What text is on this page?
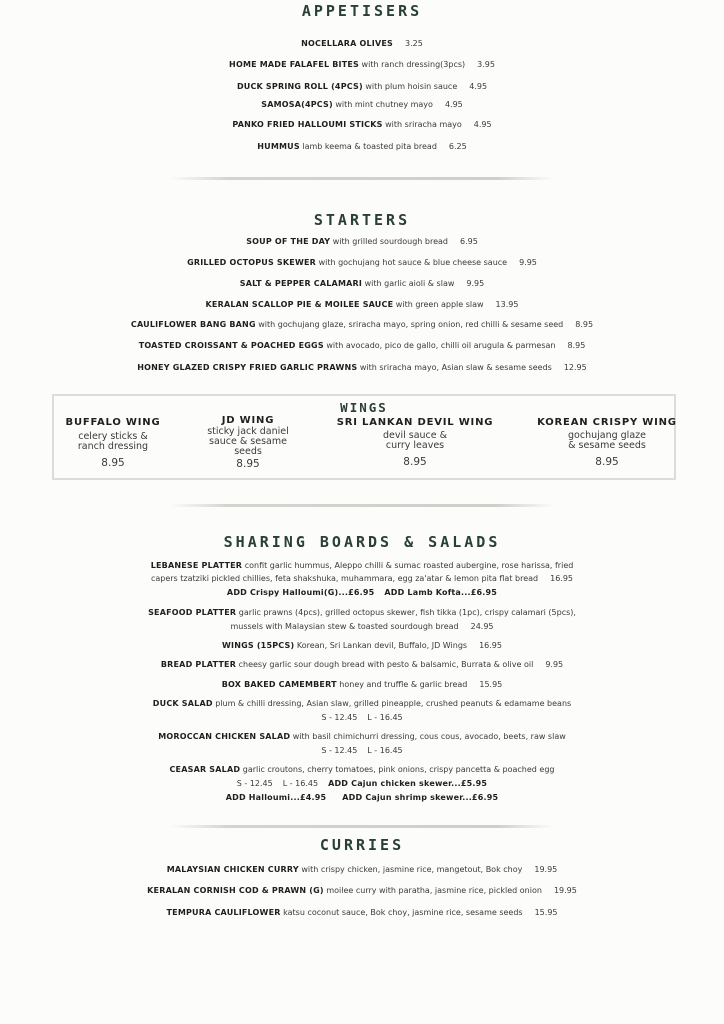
APPETISERS
NOCELLARA OLIVES 3.25
HOME MADE FALAFEL BITES with ranch dressing(3pcs) 3.95
DUCK SPRING ROLL (4PCS) with plum hoisin sauce 4.95
SAMOSA(4PCS) with mint chutney mayo 4.95
PANKO FRIED HALLOUMI STICKS with sriracha mayo 4.95
HUMMUS lamb keema & toasted pita bread 6.25
STARTERS
SOUP OF THE DAY with grilled sourdough bread 6.95
GRILLED OCTOPUS SKEWER with gochujang hot sauce & blue cheese sauce 9.95
SALT & PEPPER CALAMARI with garlic aioli & slaw 9.95
KERALAN SCALLOP PIE & MOILEE SAUCE with green apple slaw 13.95
CAULIFLOWER BANG BANG with gochujang glaze, sriracha mayo, spring onion, red chilli & sesame seed 8.95
TOASTED CROISSANT & POACHED EGGS with avocado, pico de gallo, chilli oil arugula & parmesan 8.95
HONEY GLAZED CRISPY FRIED GARLIC PRAWNS with sriracha mayo, Asian slaw & sesame seeds 12.95
WINGS
BUFFALO WING
celery sticks &
ranch dressing
8.95
JD WING
sticky jack daniel
sauce & sesame
seeds
8.95
SRI LANKAN DEVIL WING
devil sauce &
curry leaves
8.95
KOREAN CRISPY WING
gochujang glaze
& sesame seeds
8.95
SHARING BOARDS & SALADS
LEBANESE PLATTER confit garlic hummus, Aleppo chilli & sumac roasted aubergine, rose harissa, fried
capers tzatziki pickled chillies, feta shakshuka, muhammara, egg za'atar & lemon pita flat bread 16.95
ADD Crispy Halloumi(G)...£6.95 ADD Lamb Kofta...£6.95
SEAFOOD PLATTER garlic prawns (4pcs), grilled octopus skewer, fish tikka (1pc), crispy calamari (5pcs),
mussels with Malaysian stew & toasted sourdough bread 24.95
WINGS (15PCS) Korean, Sri Lankan devil, Buffalo, JD Wings 16.95
BREAD PLATTER cheesy garlic sour dough bread with pesto & balsamic, Burrata & olive oil 9.95
BOX BAKED CAMEMBERT honey and truffle & garlic bread 15.95
DUCK SALAD plum & chilli dressing, Asian slaw, grilled pineapple, crushed peanuts & edamame beans
S - 12.45 L - 16.45
MOROCCAN CHICKEN SALAD with basil chimichurri dressing, cous cous, avocado, beets, raw slaw
S - 12.45 L - 16.45
CEASAR SALAD garlic croutons, cherry tomatoes, pink onions, crispy pancetta & poached egg
S - 12.45 L - 16.45 ADD Cajun chicken skewer...£5.95
ADD Halloumi...£4.95 ADD Cajun shrimp skewer...£6.95
CURRIES
MALAYSIAN CHICKEN CURRY with crispy chicken, jasmine rice, mangetout, Bok choy 19.95
KERALAN CORNISH COD & PRAWN (G) moilee curry with paratha, jasmine rice, pickled onion 19.95
TEMPURA CAULIFLOWER katsu coconut sauce, Bok choy, jasmine rice, sesame seeds 15.95
